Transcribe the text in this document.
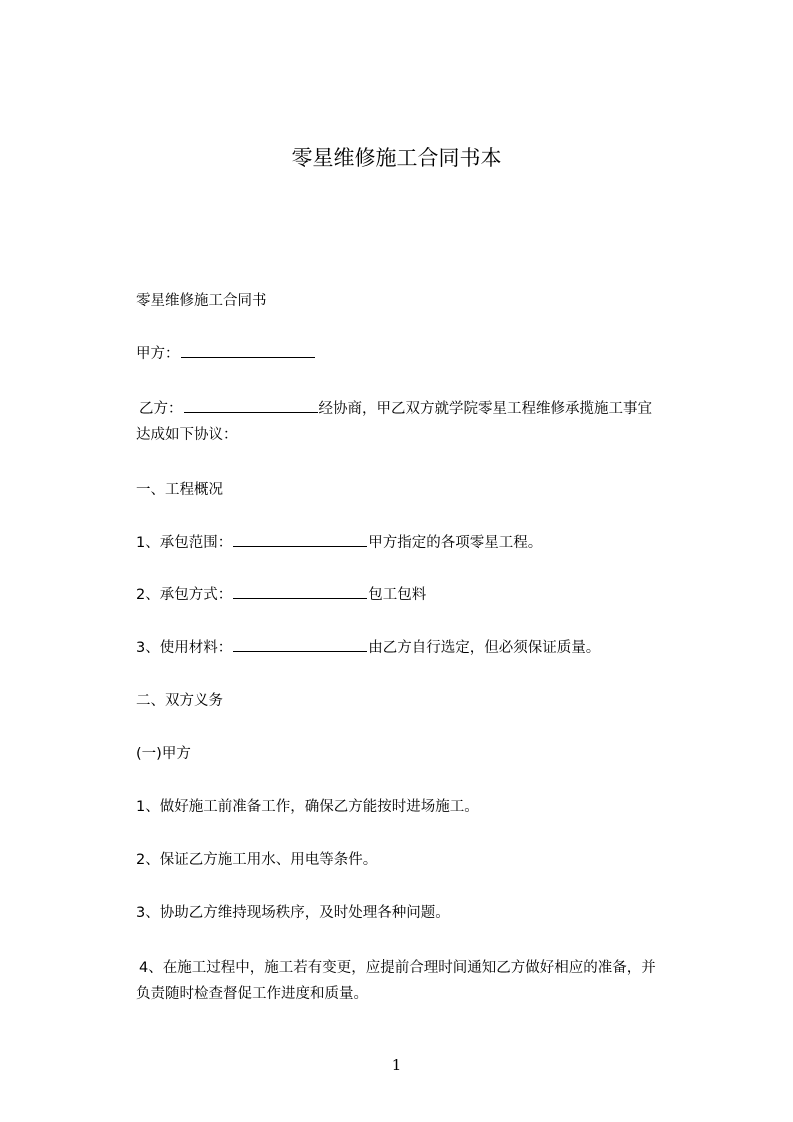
零星维修施工合同书本

零星维修施工合同书

甲方：

乙方：	经协商，甲乙双方就学院零星工程维修承揽施工事宜

达成如下协议：

一、工程概况

1、承包范围：	甲方指定的各项零星工程。

2、承包方式：	包工包料

3、使用材料：	由乙方自行选定，但必须保证质量。

二、双方义务

(一)甲方

1、做好施工前准备工作，确保乙方能按时进场施工。

2、保证乙方施工用水、用电等条件。

3、协助乙方维持现场秩序，及时处理各种问题。

4、在施工过程中，施工若有变更，应提前合理时间通知乙方做好相应的准备，并

负责随时检查督促工作进度和质量。

1
